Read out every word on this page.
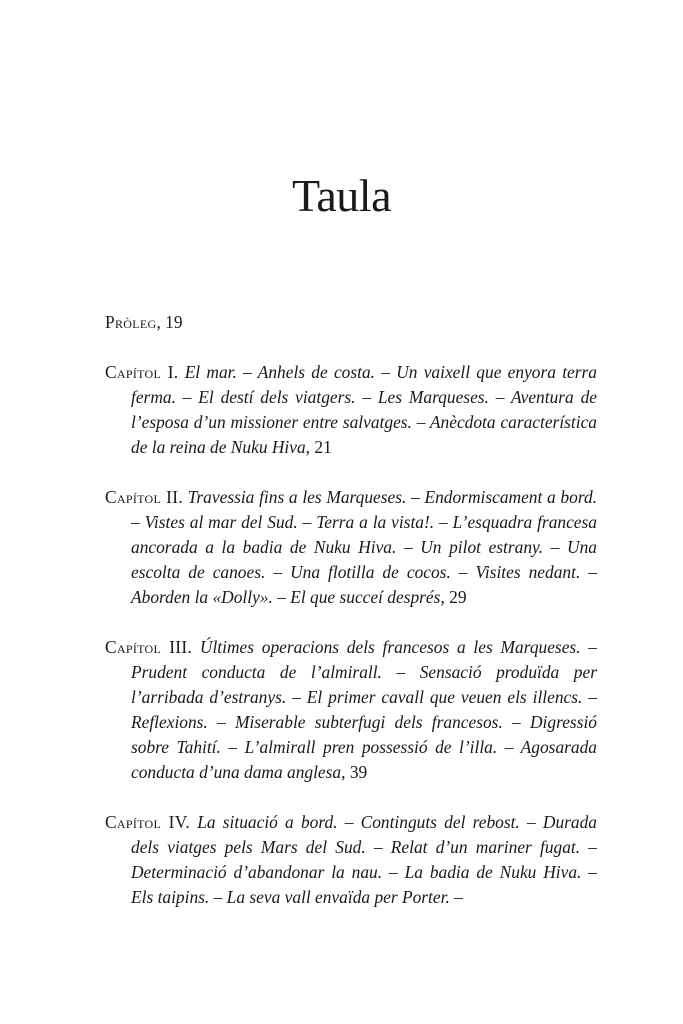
Taula

Pròleg, 19

Capítol I. El mar. – Anhels de costa. – Un vaixell que enyora terra ferma. – El destí dels viatgers. – Les Marqueses. – Aventura de l’esposa d’un missioner entre salvatges. – Anècdota característica de la reina de Nuku Hiva, 21

Capítol II. Travessia fins a les Marqueses. – Endormiscament a bord. – Vistes al mar del Sud. – Terra a la vista!. – L’esquadra francesa ancorada a la badia de Nuku Hiva. – Un pilot estrany. – Una escolta de canoes. – Una flotilla de cocos. – Visites nedant. – Aborden la «Dolly». – El que succeí després, 29

Capítol III. Últimes operacions dels francesos a les Marqueses. – Prudent conducta de l’almirall. – Sensació produïda per l’arribada d’estranys. – El primer cavall que veuen els illencs. – Reflexions. – Miserable subterfugi dels francesos. – Digressió sobre Tahití. – L’almirall pren possessió de l’illa. – Agosarada conducta d’una dama anglesa, 39

Capítol IV. La situació a bord. – Continguts del rebost. – Durada dels viatges pels Mars del Sud. – Relat d’un mariner fugat. – Determinació d’abandonar la nau. – La badia de Nuku Hiva. – Els taipins. – La seva vall envaïda per Porter. –
